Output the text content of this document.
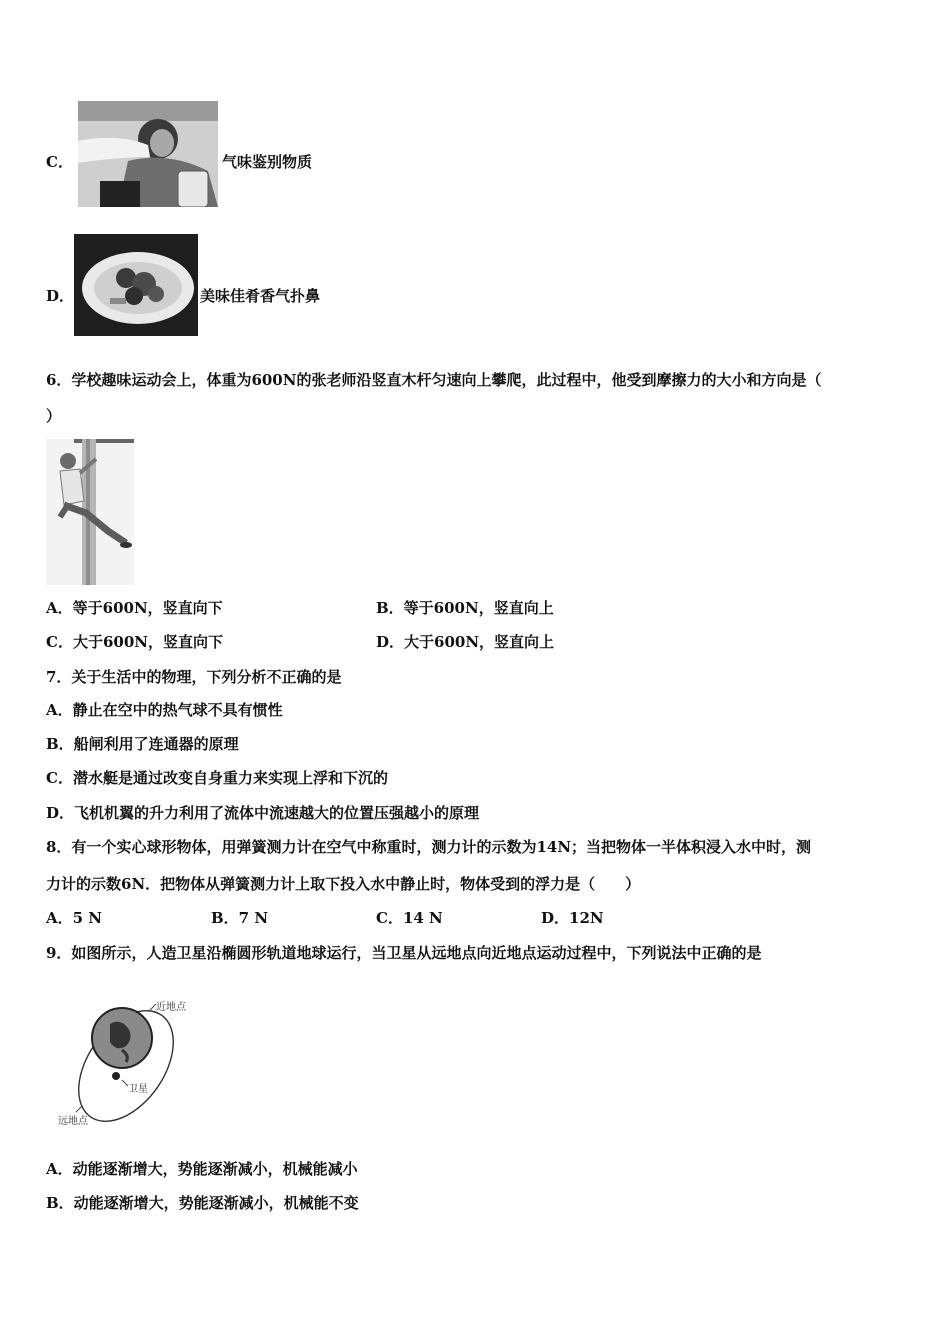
C．	气味鉴别物质
D．	美味佳肴香气扑鼻
6．学校趣味运动会上，体重为600N的张老师沿竖直木杆匀速向上攀爬，此过程中，他受到摩擦力的大小和方向是（
）
A．等于600N，竖直向下	B．等于600N，竖直向上
C．大于600N，竖直向下	D．大于600N，竖直向上
7．关于生活中的物理，下列分析不正确的是
A．静止在空中的热气球不具有惯性
B．船闸利用了连通器的原理
C．潜水艇是通过改变自身重力来实现上浮和下沉的
D．飞机机翼的升力利用了流体中流速越大的位置压强越小的原理
8．有一个实心球形物体，用弹簧测力计在空气中称重时，测力计的示数为14N；当把物体一半体积浸入水中时，测
力计的示数6N．把物体从弹簧测力计上取下投入水中静止时，物体受到的浮力是（　　）
A．5 N	B．7 N	C．14 N	D．12N
9．如图所示，人造卫星沿椭圆形轨道地球运行，当卫星从远地点向近地点运动过程中，下列说法中正确的是
近地点
卫星
远地点
A．动能逐渐增大，势能逐渐减小，机械能减小
B．动能逐渐增大，势能逐渐减小，机械能不变
